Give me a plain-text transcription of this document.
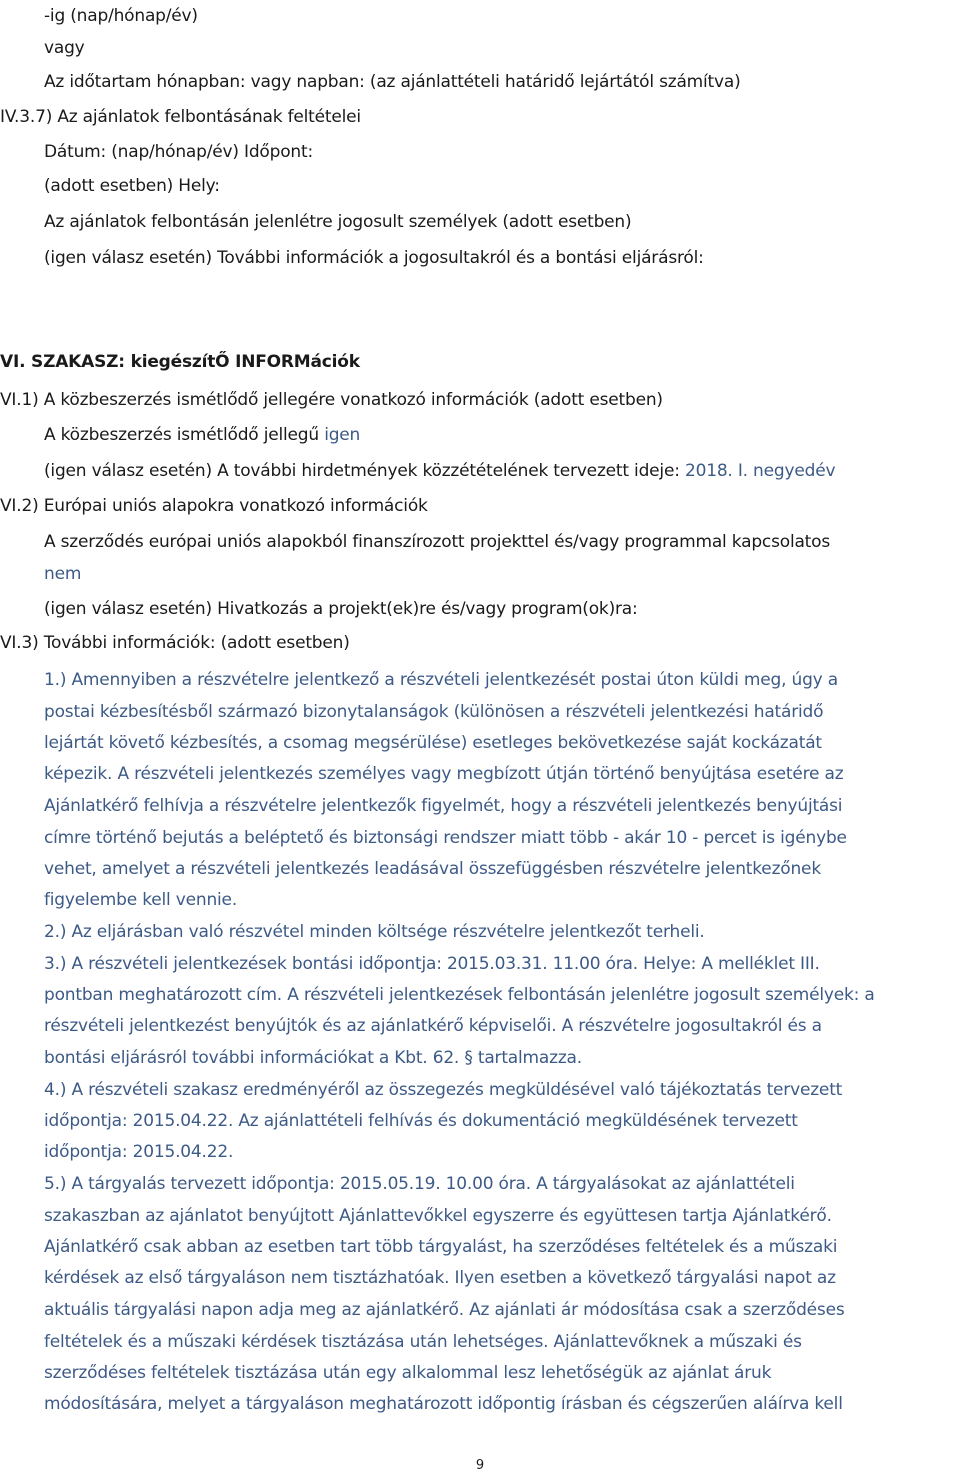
-ig (nap/hónap/év)
vagy
Az időtartam hónapban: vagy napban: (az ajánlattételi határidő lejártától számítva)
IV.3.7) Az ajánlatok felbontásának feltételei
Dátum: (nap/hónap/év) Időpont:
(adott esetben) Hely:
Az ajánlatok felbontásán jelenlétre jogosult személyek (adott esetben)
(igen válasz esetén) További információk a jogosultakról és a bontási eljárásról:
VI. SZAKASZ: kiegészítŐ INFORMációk
VI.1) A közbeszerzés ismétlődő jellegére vonatkozó információk (adott esetben)
A közbeszerzés ismétlődő jellegű igen
(igen válasz esetén) A további hirdetmények közzétételének tervezett ideje: 2018. I. negyedév
VI.2) Európai uniós alapokra vonatkozó információk
A szerződés európai uniós alapokból finanszírozott projekttel és/vagy programmal kapcsolatos
nem
(igen válasz esetén) Hivatkozás a projekt(ek)re és/vagy program(ok)ra:
VI.3) További információk: (adott esetben)
1.) Amennyiben a részvételre jelentkező a részvételi jelentkezését postai úton küldi meg, úgy a
postai kézbesítésből származó bizonytalanságok (különösen a részvételi jelentkezési határidő
lejártát követő kézbesítés, a csomag megsérülése) esetleges bekövetkezése saját kockázatát
képezik. A részvételi jelentkezés személyes vagy megbízott útján történő benyújtása esetére az
Ajánlatkérő felhívja a részvételre jelentkezők figyelmét, hogy a részvételi jelentkezés benyújtási
címre történő bejutás a beléptető és biztonsági rendszer miatt több - akár 10 - percet is igénybe
vehet, amelyet a részvételi jelentkezés leadásával összefüggésben részvételre jelentkezőnek
figyelembe kell vennie.
2.) Az eljárásban való részvétel minden költsége részvételre jelentkezőt terheli.
3.) A részvételi jelentkezések bontási időpontja: 2015.03.31. 11.00 óra. Helye: A melléklet III.
pontban meghatározott cím. A részvételi jelentkezések felbontásán jelenlétre jogosult személyek: a
részvételi jelentkezést benyújtók és az ajánlatkérő képviselői. A részvételre jogosultakról és a
bontási eljárásról további információkat a Kbt. 62. § tartalmazza.
4.) A részvételi szakasz eredményéről az összegezés megküldésével való tájékoztatás tervezett
időpontja: 2015.04.22. Az ajánlattételi felhívás és dokumentáció megküldésének tervezett
időpontja: 2015.04.22.
5.) A tárgyalás tervezett időpontja: 2015.05.19. 10.00 óra. A tárgyalásokat az ajánlattételi
szakaszban az ajánlatot benyújtott Ajánlattevőkkel egyszerre és együttesen tartja Ajánlatkérő.
Ajánlatkérő csak abban az esetben tart több tárgyalást, ha szerződéses feltételek és a műszaki
kérdések az első tárgyaláson nem tisztázhatóak. Ilyen esetben a következő tárgyalási napot az
aktuális tárgyalási napon adja meg az ajánlatkérő. Az ajánlati ár módosítása csak a szerződéses
feltételek és a műszaki kérdések tisztázása után lehetséges. Ajánlattevőknek a műszaki és
szerződéses feltételek tisztázása után egy alkalommal lesz lehetőségük az ajánlat áruk
módosítására, melyet a tárgyaláson meghatározott időpontig írásban és cégszerűen aláírva kell
9
